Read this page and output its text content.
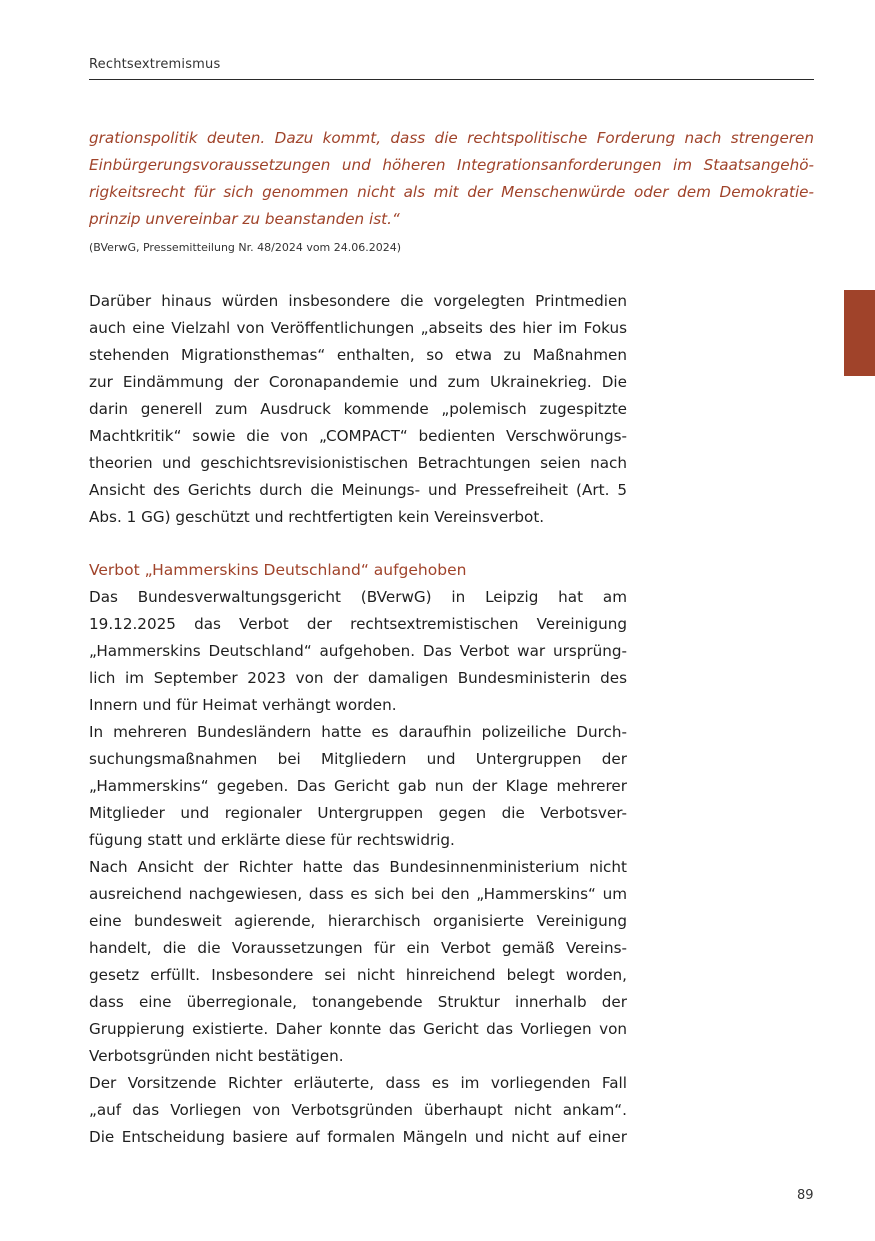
Rechtsextremismus
grationspolitik deuten. Dazu kommt, dass die rechtspolitische Forderung nach strengeren
Einbürgerungsvoraussetzungen und höheren Integrationsanforderungen im Staatsangehö-
rigkeitsrecht für sich genommen nicht als mit der Menschenwürde oder dem Demokratie-
prinzip unvereinbar zu beanstanden ist.“
(BVerwG, Pressemitteilung Nr. 48/2024 vom 24.06.2024)
Darüber hinaus würden insbesondere die vorgelegten Printmedien
auch eine Vielzahl von Veröffentlichungen „abseits des hier im Fokus
stehenden Migrationsthemas“ enthalten, so etwa zu Maßnahmen
zur Eindämmung der Coronapandemie und zum Ukrainekrieg. Die
darin generell zum Ausdruck kommende „polemisch zugespitzte
Machtkritik“ sowie die von „COMPACT“ bedienten Verschwörungs-
theorien und geschichtsrevisionistischen Betrachtungen seien nach
Ansicht des Gerichts durch die Meinungs- und Pressefreiheit (Art. 5
Abs. 1 GG) geschützt und rechtfertigten kein Vereinsverbot.
Verbot „Hammerskins Deutschland“ aufgehoben
Das Bundesverwaltungsgericht (BVerwG) in Leipzig hat am
19.12.2025 das Verbot der rechtsextremistischen Vereinigung
„Hammerskins Deutschland“ aufgehoben. Das Verbot war ursprüng-
lich im September 2023 von der damaligen Bundesministerin des
Innern und für Heimat verhängt worden.
In mehreren Bundesländern hatte es daraufhin polizeiliche Durch-
suchungsmaßnahmen bei Mitgliedern und Untergruppen der
„Hammerskins“ gegeben. Das Gericht gab nun der Klage mehrerer
Mitglieder und regionaler Untergruppen gegen die Verbotsver-
fügung statt und erklärte diese für rechtswidrig.
Nach Ansicht der Richter hatte das Bundesinnenministerium nicht
ausreichend nachgewiesen, dass es sich bei den „Hammerskins“ um
eine bundesweit agierende, hierarchisch organisierte Vereinigung
handelt, die die Voraussetzungen für ein Verbot gemäß Vereins-
gesetz erfüllt. Insbesondere sei nicht hinreichend belegt worden,
dass eine überregionale, tonangebende Struktur innerhalb der
Gruppierung existierte. Daher konnte das Gericht das Vorliegen von
Verbotsgründen nicht bestätigen.
Der Vorsitzende Richter erläuterte, dass es im vorliegenden Fall
„auf das Vorliegen von Verbotsgründen überhaupt nicht ankam“.
Die Entscheidung basiere auf formalen Mängeln und nicht auf einer
89
